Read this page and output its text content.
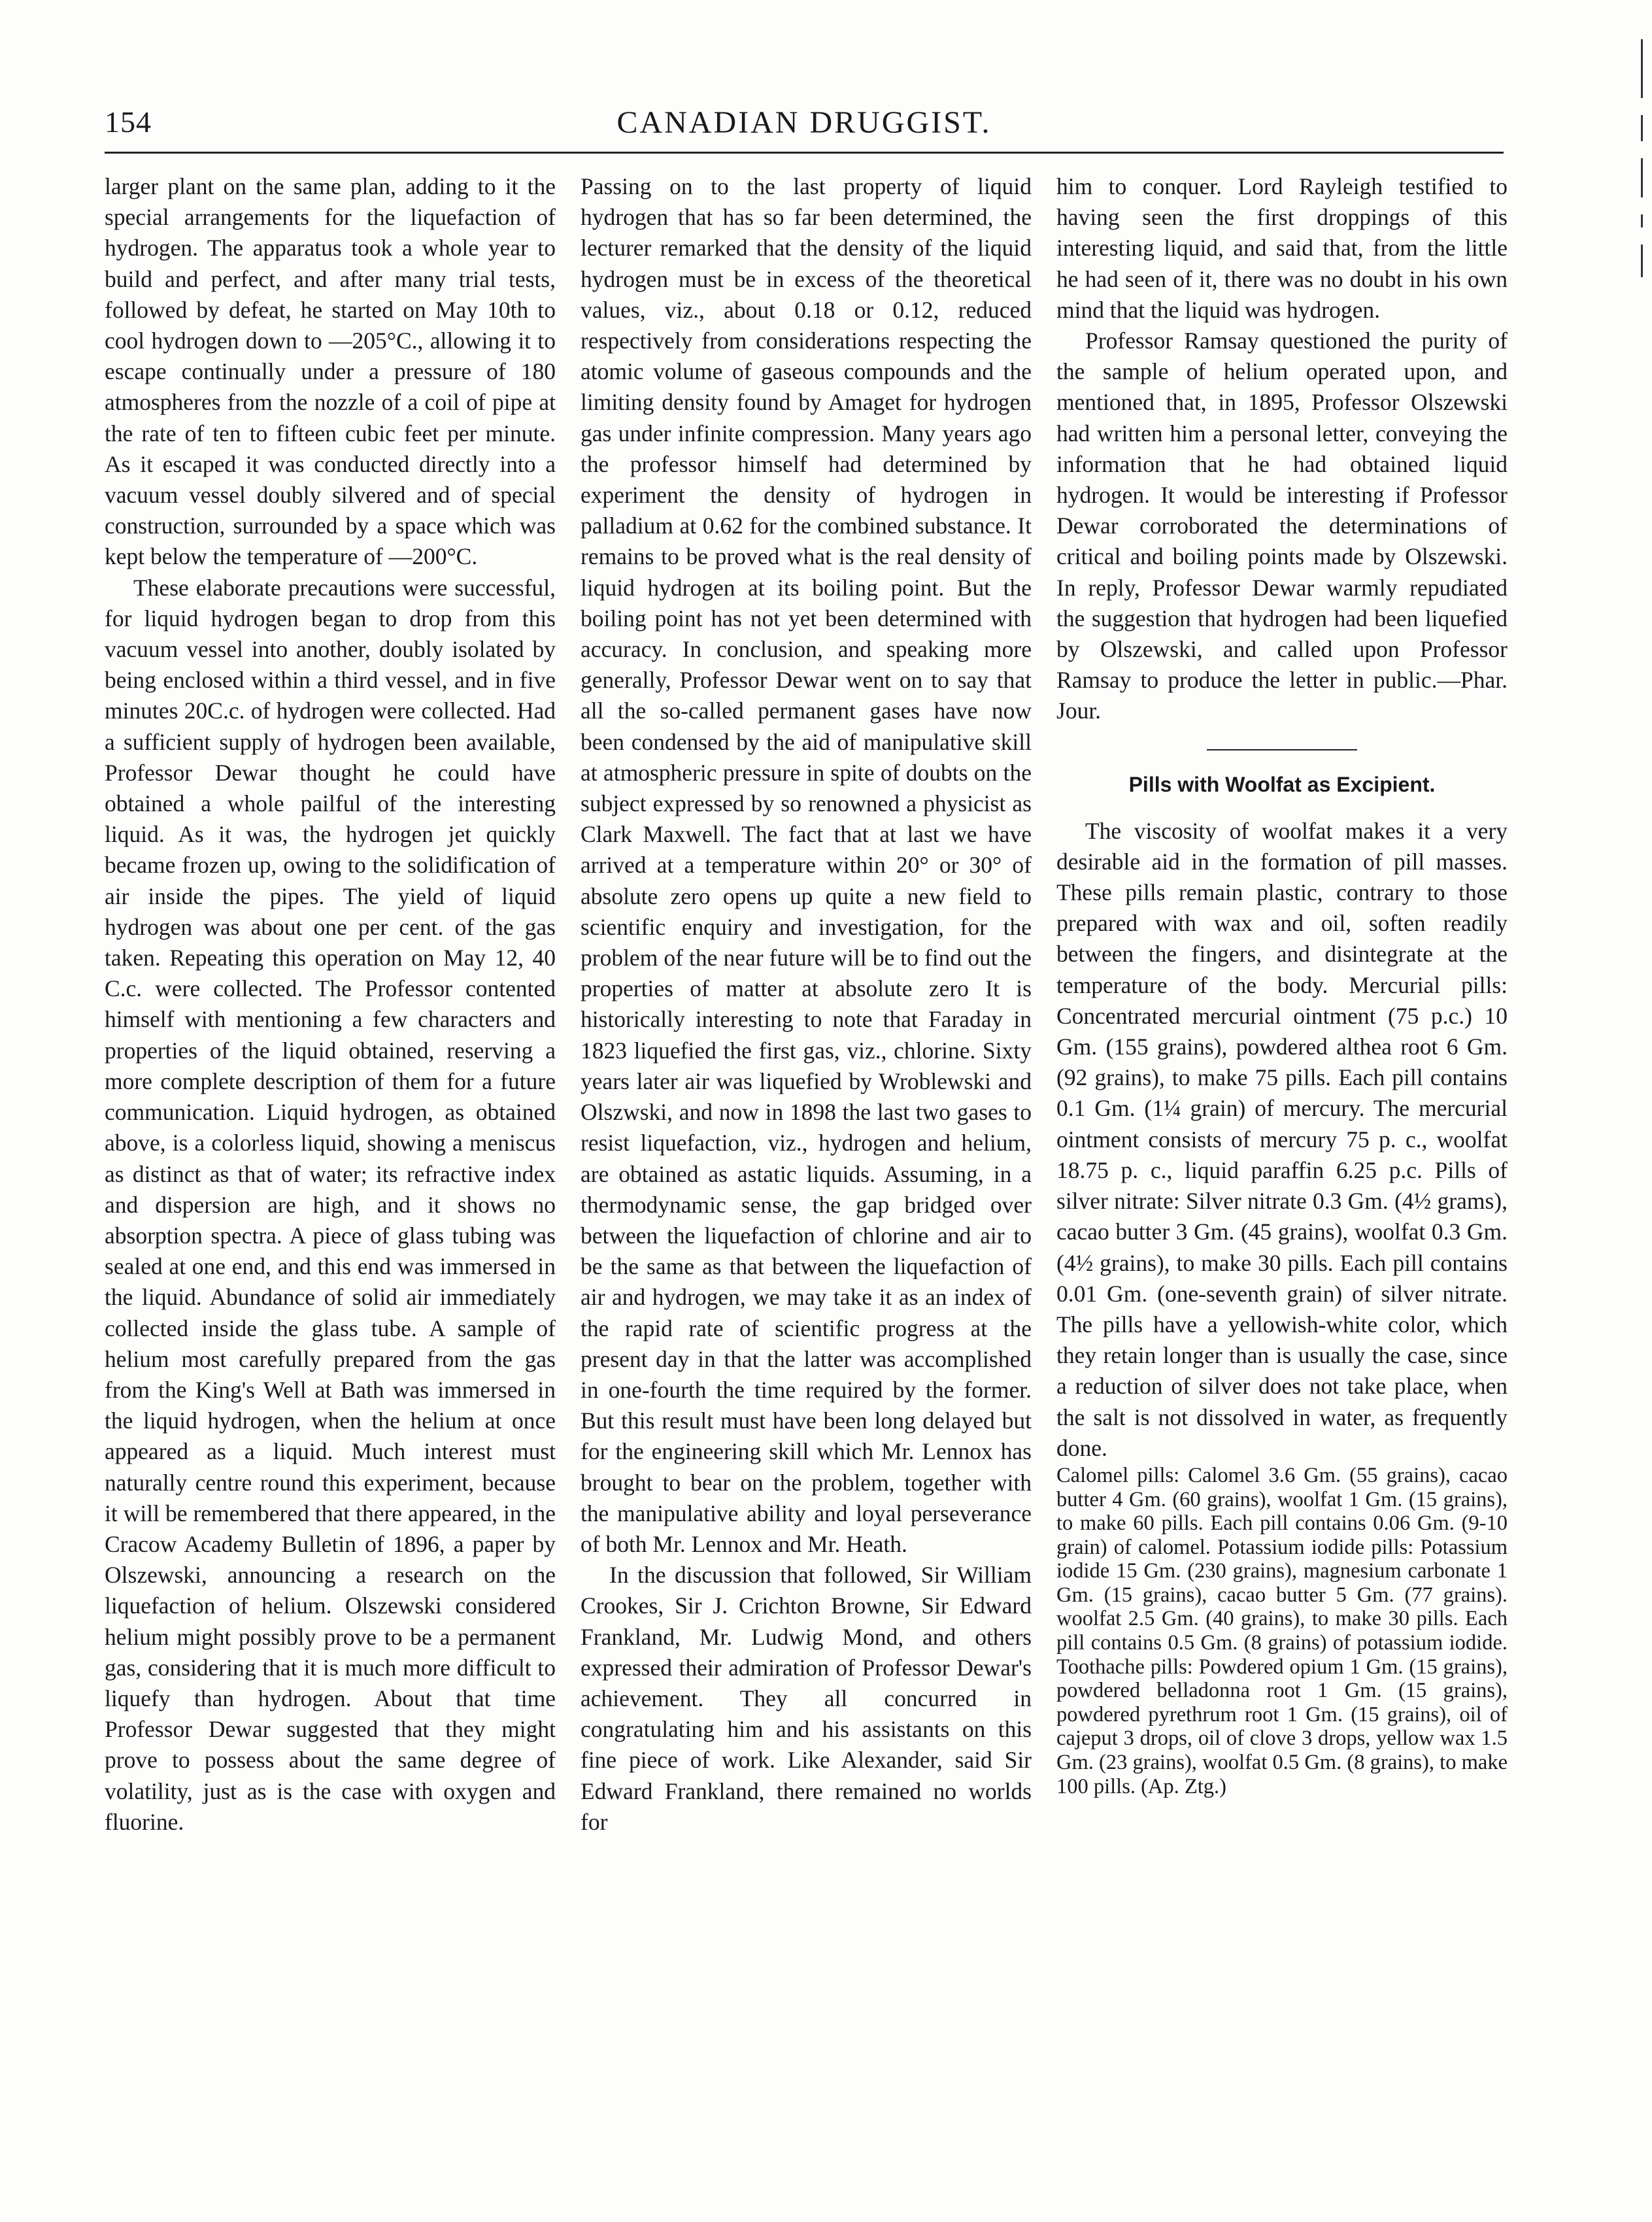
154	CANADIAN DRUGGIST.

larger plant on the same plan, adding to it the special arrangements for the liquefaction of hydrogen. The apparatus took a whole year to build and perfect, and after many trial tests, followed by defeat, he started on May 10th to cool hydrogen down to —205°C., allowing it to escape continually under a pressure of 180 atmospheres from the nozzle of a coil of pipe at the rate of ten to fifteen cubic feet per minute. As it escaped it was conducted directly into a vacuum vessel doubly silvered and of special construction, surrounded by a space which was kept below the temperature of —200°C.

These elaborate precautions were successful, for liquid hydrogen began to drop from this vacuum vessel into another, doubly isolated by being enclosed within a third vessel, and in five minutes 20C.c. of hydrogen were collected. Had a sufficient supply of hydrogen been available, Professor Dewar thought he could have obtained a whole pailful of the interesting liquid. As it was, the hydrogen jet quickly became frozen up, owing to the solidification of air inside the pipes. The yield of liquid hydrogen was about one per cent. of the gas taken. Repeating this operation on May 12, 40 C.c. were collected. The Professor contented himself with mentioning a few characters and properties of the liquid obtained, reserving a more complete description of them for a future communication. Liquid hydrogen, as obtained above, is a colorless liquid, showing a meniscus as distinct as that of water; its refractive index and dispersion are high, and it shows no absorption spectra. A piece of glass tubing was sealed at one end, and this end was immersed in the liquid. Abundance of solid air immediately collected inside the glass tube. A sample of helium most carefully prepared from the gas from the King's Well at Bath was immersed in the liquid hydrogen, when the helium at once appeared as a liquid. Much interest must naturally centre round this experiment, because it will be remembered that there appeared, in the Cracow Academy Bulletin of 1896, a paper by Olszewski, announcing a research on the liquefaction of helium. Olszewski considered helium might possibly prove to be a permanent gas, considering that it is much more difficult to liquefy than hydrogen. About that time Professor Dewar suggested that they might prove to possess about the same degree of volatility, just as is the case with oxygen and fluorine.

Passing on to the last property of liquid hydrogen that has so far been determined, the lecturer remarked that the density of the liquid hydrogen must be in excess of the theoretical values, viz., about 0.18 or 0.12, reduced respectively from considerations respecting the atomic volume of gaseous compounds and the limiting density found by Amaget for hydrogen gas under infinite compression. Many years ago the professor himself had determined by experiment the density of hydrogen in palladium at 0.62 for the combined substance. It remains to be proved what is the real density of liquid hydrogen at its boiling point. But the boiling point has not yet been determined with accuracy. In conclusion, and speaking more generally, Professor Dewar went on to say that all the so-called permanent gases have now been condensed by the aid of manipulative skill at atmospheric pressure in spite of doubts on the subject expressed by so renowned a physicist as Clark Maxwell. The fact that at last we have arrived at a temperature within 20° or 30° of absolute zero opens up quite a new field to scientific enquiry and investigation, for the problem of the near future will be to find out the properties of matter at absolute zero It is historically interesting to note that Faraday in 1823 liquefied the first gas, viz., chlorine. Sixty years later air was liquefied by Wroblewski and Olszwski, and now in 1898 the last two gases to resist liquefaction, viz., hydrogen and helium, are obtained as astatic liquids. Assuming, in a thermodynamic sense, the gap bridged over between the liquefaction of chlorine and air to be the same as that between the liquefaction of air and hydrogen, we may take it as an index of the rapid rate of scientific progress at the present day in that the latter was accomplished in one-fourth the time required by the former. But this result must have been long delayed but for the engineering skill which Mr. Lennox has brought to bear on the problem, together with the manipulative ability and loyal perseverance of both Mr. Lennox and Mr. Heath.

In the discussion that followed, Sir William Crookes, Sir J. Crichton Browne, Sir Edward Frankland, Mr. Ludwig Mond, and others expressed their admiration of Professor Dewar's achievement. They all concurred in congratulating him and his assistants on this fine piece of work. Like Alexander, said Sir Edward Frankland, there remained no worlds for

him to conquer. Lord Rayleigh testified to having seen the first droppings of this interesting liquid, and said that, from the little he had seen of it, there was no doubt in his own mind that the liquid was hydrogen.

Professor Ramsay questioned the purity of the sample of helium operated upon, and mentioned that, in 1895, Professor Olszewski had written him a personal letter, conveying the information that he had obtained liquid hydrogen. It would be interesting if Professor Dewar corroborated the determinations of critical and boiling points made by Olszewski. In reply, Professor Dewar warmly repudiated the suggestion that hydrogen had been liquefied by Olszewski, and called upon Professor Ramsay to produce the letter in public.—Phar. Jour.

Pills with Woolfat as Excipient.

The viscosity of woolfat makes it a very desirable aid in the formation of pill masses. These pills remain plastic, contrary to those prepared with wax and oil, soften readily between the fingers, and disintegrate at the temperature of the body. Mercurial pills: Concentrated mercurial ointment (75 p.c.) 10 Gm. (155 grains), powdered althea root 6 Gm. (92 grains), to make 75 pills. Each pill contains 0.1 Gm. (1¼ grain) of mercury. The mercurial ointment consists of mercury 75 p. c., woolfat 18.75 p. c., liquid paraffin 6.25 p.c. Pills of silver nitrate: Silver nitrate 0.3 Gm. (4½ grams), cacao butter 3 Gm. (45 grains), woolfat 0.3 Gm. (4½ grains), to make 30 pills. Each pill contains 0.01 Gm. (one-seventh grain) of silver nitrate. The pills have a yellowish-white color, which they retain longer than is usually the case, since a reduction of silver does not take place, when the salt is not dissolved in water, as frequently done.

Calomel pills: Calomel 3.6 Gm. (55 grains), cacao butter 4 Gm. (60 grains), woolfat 1 Gm. (15 grains), to make 60 pills. Each pill contains 0.06 Gm. (9-10 grain) of calomel. Potassium iodide pills: Potassium iodide 15 Gm. (230 grains), magnesium carbonate 1 Gm. (15 grains), cacao butter 5 Gm. (77 grains). woolfat 2.5 Gm. (40 grains), to make 30 pills. Each pill contains 0.5 Gm. (8 grains) of potassium iodide. Toothache pills: Powdered opium 1 Gm. (15 grains), powdered belladonna root 1 Gm. (15 grains), powdered pyrethrum root 1 Gm. (15 grains), oil of cajeput 3 drops, oil of clove 3 drops, yellow wax 1.5 Gm. (23 grains), woolfat 0.5 Gm. (8 grains), to make 100 pills. (Ap. Ztg.)
